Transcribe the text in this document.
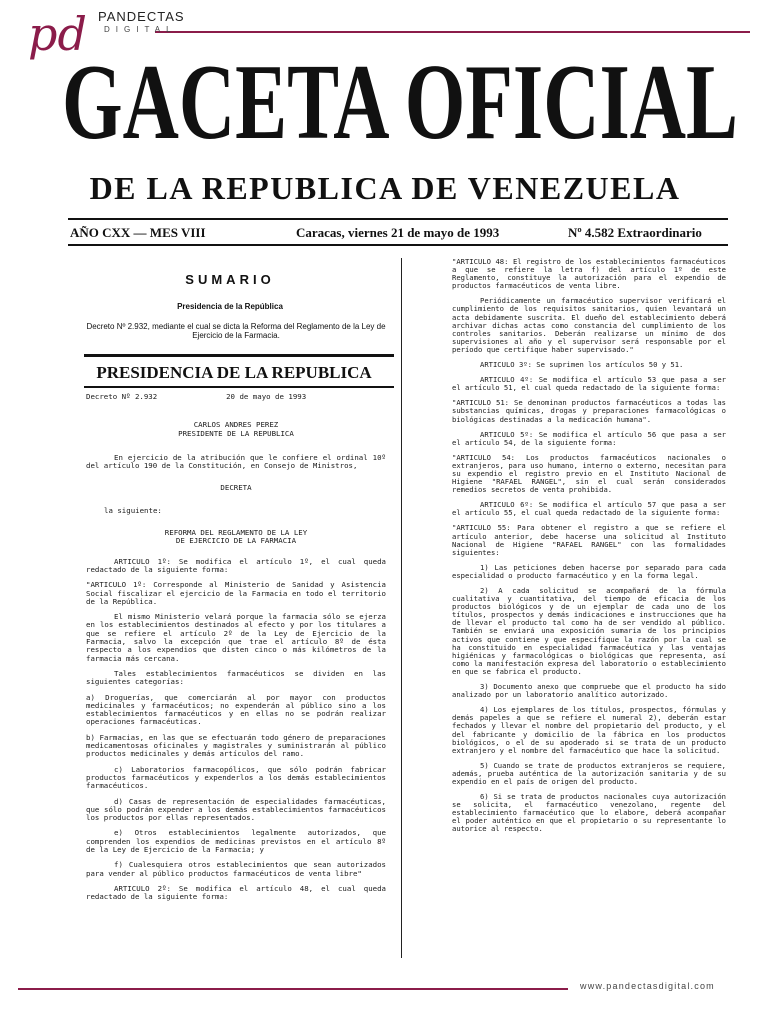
pd PANDECTAS
DIGITAL
GACETA OFICIAL
DE LA REPUBLICA DE VENEZUELA
AÑO CXX — MES VIII	Caracas, viernes 21 de mayo de 1993	Nº 4.582 Extraordinario
SUMARIO
Presidencia de la República
Decreto Nº 2.932, mediante el cual se dicta la Reforma del Reglamento de la Ley de Ejercicio de la Farmacia.
PRESIDENCIA DE LA REPUBLICA

Decreto Nº 2.932	20 de mayo de 1993

CARLOS ANDRES PEREZ

PRESIDENTE DE LA REPUBLICA

En ejercicio de la atribución que le confiere el ordinal 10º del artículo 190 de la Constitución, en Consejo de Ministros,

DECRETA

la siguiente:

REFORMA DEL REGLAMENTO DE LA LEY

DE EJERCICIO DE LA FARMACIA

ARTICULO 1º: Se modifica el artículo 1º, el cual queda redactado de la siguiente forma:

"ARTICULO 1º: Corresponde al Ministerio de Sanidad y Asistencia Social fiscalizar el ejercicio de la Farmacia en todo el territorio de la República.

El mismo Ministerio velará porque la farmacia sólo se ejerza en los establecimientos destinados al efecto y por los titulares a que se refiere el artículo 2º de la Ley de Ejercicio de la Farmacia, salvo la excepción que trae el artículo 8º de ésta respecto a los expendios que disten cinco o más kilómetros de la farmacia más cercana.

Tales establecimientos farmacéuticos se dividen en las siguientes categorías:

a) Droguerías, que comerciarán al por mayor con productos medicinales y farmacéuticos; no expenderán al público sino a los establecimientos farmacéuticos y en ellas no se podrán realizar operaciones farmacéuticas.

b) Farmacias, en las que se efectuarán todo género de preparaciones medicamentosas oficinales y magistrales y suministrarán al público productos medicinales y demás artículos del ramo.

c) Laboratorios farmacopólicos, que sólo podrán fabricar productos farmacéuticos y expenderlos a los demás establecimientos farmacéuticos.

d) Casas de representación de especialidades farmacéuticas, que sólo podrán expender a los demás establecimientos farmacéuticos los productos por ellas representados.

e) Otros establecimientos legalmente autorizados, que comprenden los expendios de medicinas previstos en el artículo 8º de la Ley de Ejercicio de la Farmacia; y

f) Cualesquiera otros establecimientos que sean autorizados para vender al público productos farmacéuticos de venta libre"

ARTICULO 2º: Se modifica el artículo 48, el cual queda redactado de la siguiente forma:

"ARTICULO 48: El registro de los establecimientos farmacéuticos a que se refiere la letra f) del artículo 1º de este Reglamento, constituye la autorización para el expendio de productos farmacéuticos de venta libre.

Periódicamente un farmacéutico supervisor verificará el cumplimiento de los requisitos sanitarios, quien levantará un acta debidamente suscrita. El dueño del establecimiento deberá archivar dichas actas como constancia del cumplimiento de los controles sanitarios. Deberán realizarse un mínimo de dos supervisiones al año y el supervisor será responsable por el período que certifique haber supervisado."

ARTICULO 3º: Se suprimen los artículos 50 y 51.

ARTICULO 4º: Se modifica el artículo 53 que pasa a ser el artículo 51, el cual queda redactado de la siguiente forma:

"ARTICULO 51: Se denominan productos farmacéuticos a todas las substancias químicas, drogas y preparaciones farmacológicas o biológicas destinadas a la medicación humana".

ARTICULO 5º: Se modifica el artículo 56 que pasa a ser el artículo 54, de la siguiente forma:

"ARTICULO 54: Los productos farmacéuticos nacionales o extranjeros, para uso humano, interno o externo, necesitan para su expendio el registro previo en el Instituto Nacional de Higiene "RAFAEL RANGEL", sin el cual serán considerados remedios secretos de venta prohibida.

ARTICULO 6º: Se modifica el artículo 57 que pasa a ser el artículo 55, el cual queda redactado de la siguiente forma:

"ARTICULO 55: Para obtener el registro a que se refiere el artículo anterior, debe hacerse una solicitud al Instituto Nacional de Higiene "RAFAEL RANGEL" con las formalidades siguientes:

1) Las peticiones deben hacerse por separado para cada especialidad o producto farmacéutico y en la forma legal.

2) A cada solicitud se acompañará de la fórmula cualitativa y cuantitativa, del tiempo de eficacia de los productos biológicos y de un ejemplar de cada uno de los títulos, prospectos y demás indicaciones e instrucciones que ha de llevar el producto tal como ha de ser vendido al público. También se enviará una exposición sumaria de los principios activos que contiene y que especifique la razón por la cual se ha constituido en especialidad farmacéutica y las ventajas higiénicas y farmacológicas o biológicas que representa, así como la manifestación expresa del laboratorio o establecimiento en que se fabrica el producto.

3) Documento anexo que compruebe que el producto ha sido analizado por un laboratorio analítico autorizado.

4) Los ejemplares de los títulos, prospectos, fórmulas y demás papeles a que se refiere el numeral 2), deberán estar fechados y llevar el nombre del propietario del producto, y el del fabricante y domicilio de la fábrica en los productos biológicos, o el de su apoderado si se trata de un producto extranjero y el nombre del farmacéutico que hace la solicitud.

5) Cuando se trate de productos extranjeros se requiere, además, prueba auténtica de la autorización sanitaria y de su expendio en el país de origen del producto.

6) Si se trata de productos nacionales cuya autorización se solicita, el farmacéutico venezolano, regente del establecimiento farmacéutico que lo elabore, deberá acompañar el poder auténtico en que el propietario o su representante lo autorice al respecto.

www.pandectasdigital.com
